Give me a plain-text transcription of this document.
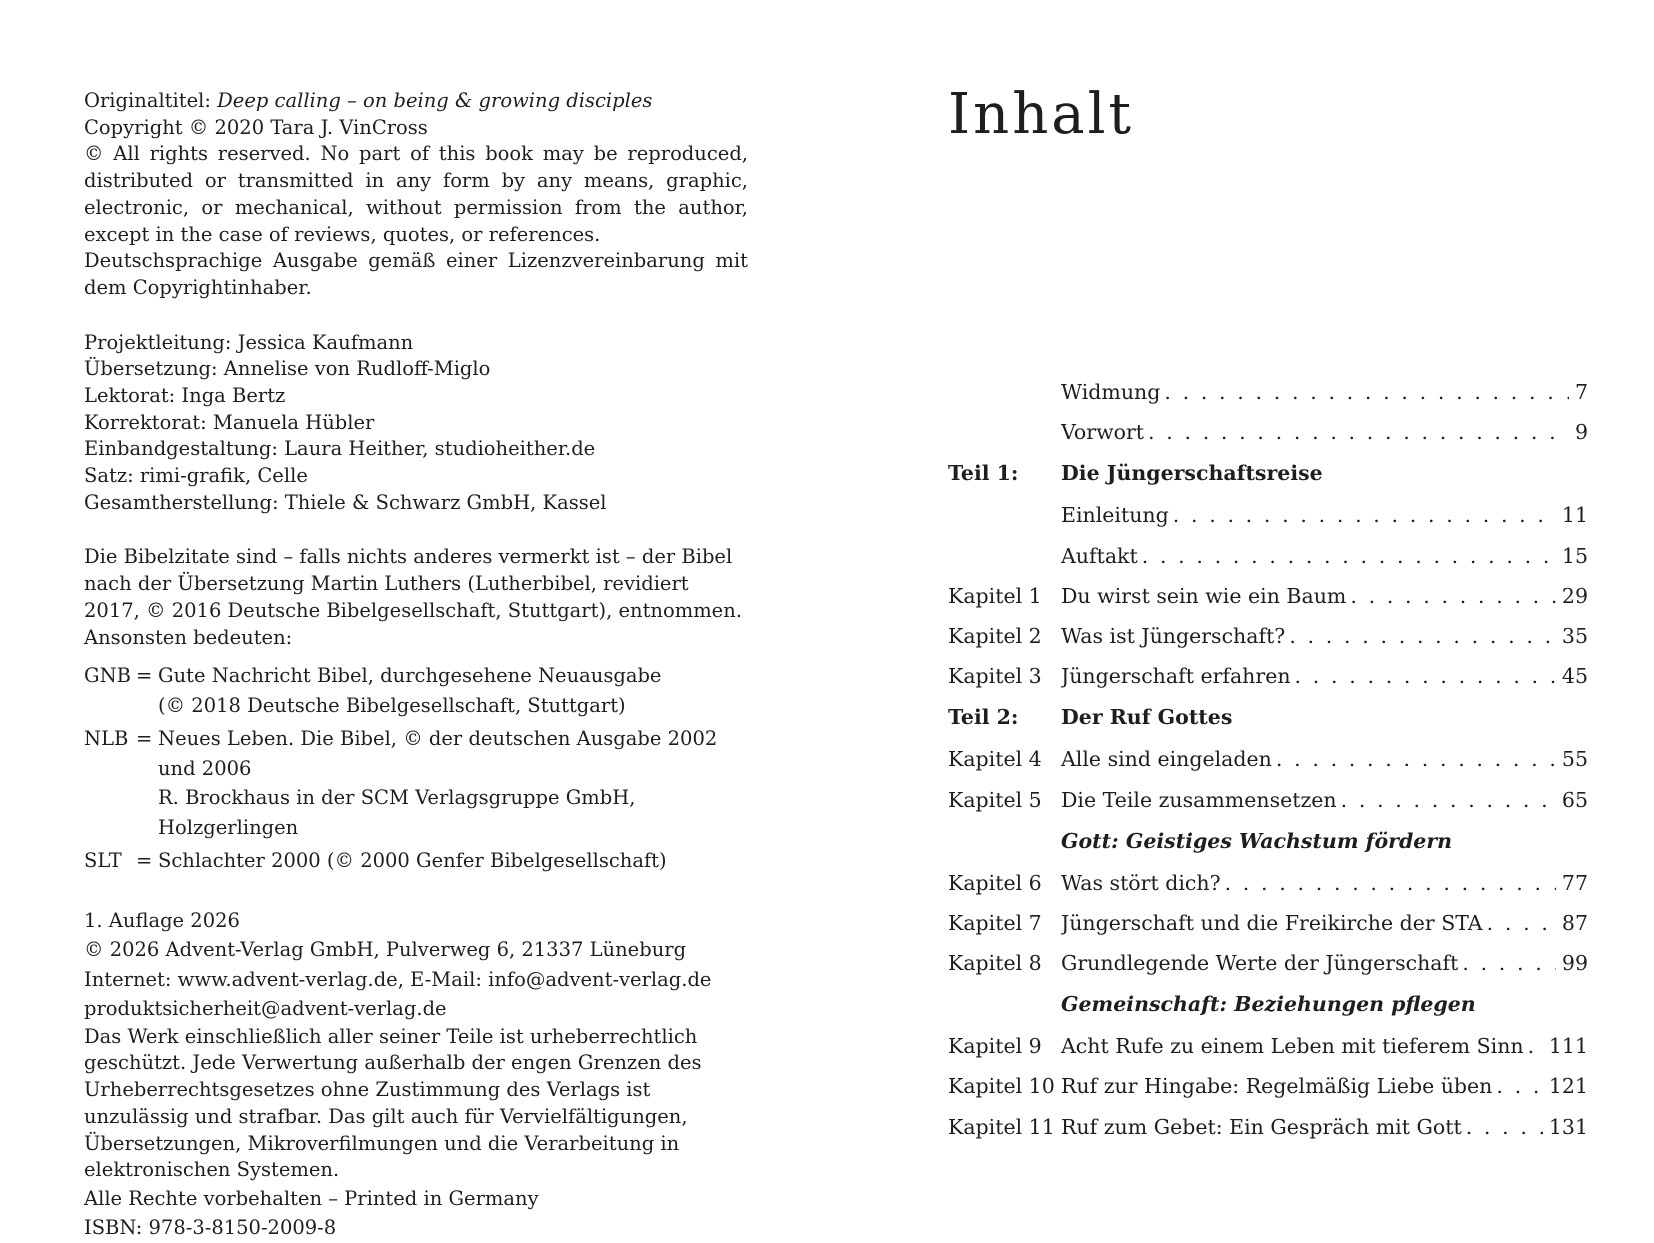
Originaltitel: Deep calling – on being & growing disciples

Copyright © 2020 Tara J. VinCross

© All rights reserved. No part of this book may be reproduced, distributed or transmitted in any form by any means, graphic, electronic, or mechanical, without permission from the author, except in the case of reviews, quotes, or references.

Deutschsprachige Ausgabe gemäß einer Lizenzvereinbarung mit dem Copyrightinhaber.

Projektleitung: Jessica Kaufmann
Übersetzung: Annelise von Rudloff-Miglo
Lektorat: Inga Bertz
Korrektorat: Manuela Hübler
Einbandgestaltung: Laura Heither, studioheither.de
Satz: rimi-grafik, Celle
Gesamtherstellung: Thiele & Schwarz GmbH, Kassel

Die Bibelzitate sind – falls nichts anderes vermerkt ist – der Bibel nach der Übersetzung Martin Luthers (Lutherbibel, revidiert 2017, © 2016 Deutsche Bibelgesellschaft, Stuttgart), entnommen. Ansonsten bedeuten:

GNB = Gute Nachricht Bibel, durchgesehene Neuausgabe
(© 2018 Deutsche Bibelgesellschaft, Stuttgart)
NLB = Neues Leben. Die Bibel, © der deutschen Ausgabe 2002 und 2006
R. Brockhaus in der SCM Verlagsgruppe GmbH, Holzgerlingen
SLT = Schlachter 2000 (© 2000 Genfer Bibelgesellschaft)
1. Auflage 2026
© 2026 Advent-Verlag GmbH, Pulverweg 6, 21337 Lüneburg
Internet: www.advent-verlag.de, E-Mail: info@advent-verlag.de
produktsicherheit@advent-verlag.de
Das Werk einschließlich aller seiner Teile ist urheberrechtlich geschützt. Jede Verwertung außerhalb der engen Grenzen des Urheberrechtsgesetzes ohne Zustimmung des Verlags ist unzulässig und strafbar. Das gilt auch für Vervielfältigungen, Übersetzungen, Mikroverfilmungen und die Verarbeitung in elektronischen Systemen.
Alle Rechte vorbehalten – Printed in Germany
ISBN: 978-3-8150-2009-8
Inhalt
Widmung . . .	7
Vorwort . . .	9
Teil 1:	Die Jüngerschaftsreise
Einleitung . . .	11
Auftakt . . .	15
Kapitel 1 Du wirst sein wie ein Baum . . .	29
Kapitel 2 Was ist Jüngerschaft? . . .	35
Kapitel 3 Jüngerschaft erfahren . . .	45
Teil 2:	Der Ruf Gottes
Kapitel 4 Alle sind eingeladen . . .	55
Kapitel 5 Die Teile zusammensetzen . . .	65
Gott: Geistiges Wachstum fördern
Kapitel 6 Was stört dich? . . .	77
Kapitel 7 Jüngerschaft und die Freikirche der STA . . .	87
Kapitel 8 Grundlegende Werte der Jüngerschaft . . .	99
Gemeinschaft: Beziehungen pflegen
Kapitel 9 Acht Rufe zu einem Leben mit tieferem Sinn . . . 111
Kapitel 10 Ruf zur Hingabe: Regelmäßig Liebe üben . . .	121
Kapitel 11 Ruf zum Gebet: Ein Gespräch mit Gott . . .	131
